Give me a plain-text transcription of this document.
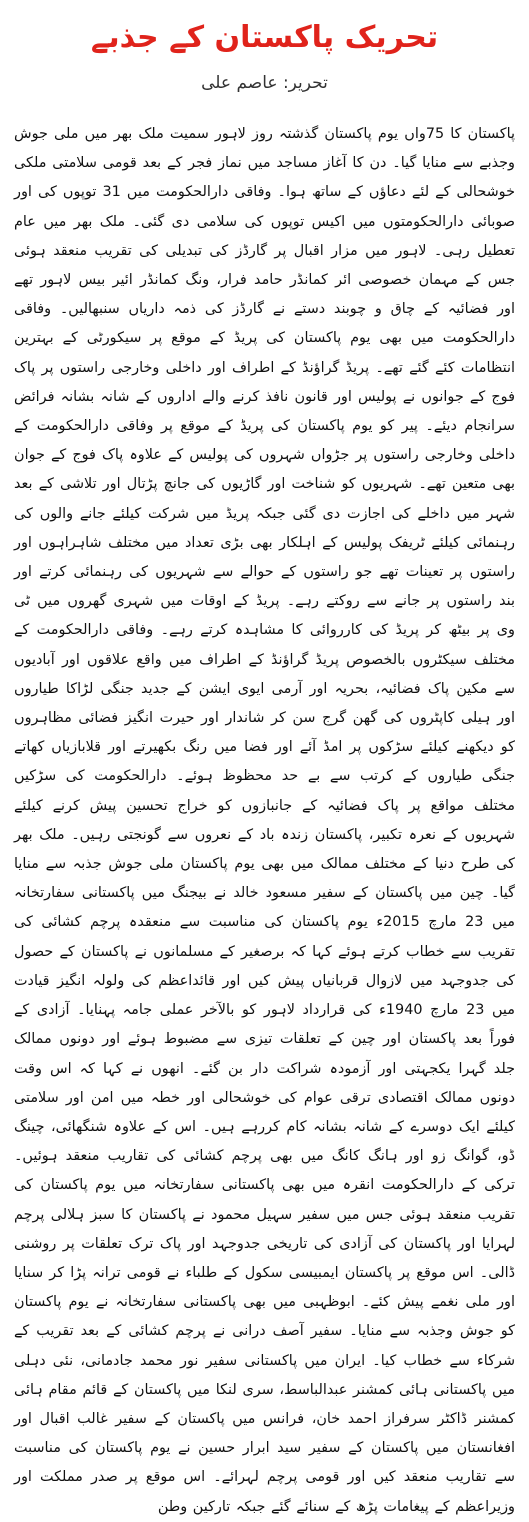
تحریک پاکستان کے جذبے
تحریر: عاصم علی

پاکستان کا 75واں یوم پاکستان گذشتہ روز لاہور سمیت ملک بھر میں ملی جوش وجذبے سے منایا گیا۔ دن کا آغاز مساجد میں نماز فجر کے بعد قومی سلامتی ملکی خوشحالی کے لئے دعاؤں کے ساتھ ہوا۔ وفاقی دارالحکومت میں 31 توپوں کی اور صوبائی دارالحکومتوں میں اکیس توپوں کی سلامی دی گئی۔ ملک بھر میں عام تعطیل رہی۔ لاہور میں مزار اقبال پر گارڈز کی تبدیلی کی تقریب منعقد ہوئی جس کے مہمان خصوصی ائر کمانڈر حامد فرار، ونگ کمانڈر ائیر بیس لاہور تھے اور فضائیہ کے چاق و چوبند دستے نے گارڈز کی ذمہ داریاں سنبھالیں۔ وفاقی دارالحکومت میں بھی یوم پاکستان کی پریڈ کے موقع پر سیکورٹی کے بہترین انتظامات کئے گئے تھے۔ پریڈ گراؤنڈ کے اطراف اور داخلی وخارجی راستوں پر پاک فوج کے جوانوں نے پولیس اور قانون نافذ کرنے والے اداروں کے شانہ بشانہ فرائض سرانجام دیئے۔ پیر کو یوم پاکستان کی پریڈ کے موقع پر وفاقی دارالحکومت کے داخلی وخارجی راستوں پر جڑواں شہروں کی پولیس کے علاوہ پاک فوج کے جوان بھی متعین تھے۔ شہریوں کو شناخت اور گاڑیوں کی جانچ پڑتال اور تلاشی کے بعد شہر میں داخلے کی اجازت دی گئی جبکہ پریڈ میں شرکت کیلئے جانے والوں کی رہنمائی کیلئے ٹریفک پولیس کے اہلکار بھی بڑی تعداد میں مختلف شاہراہوں اور راستوں پر تعینات تھے جو راستوں کے حوالے سے شہریوں کی رہنمائی کرتے اور بند راستوں پر جانے سے روکتے رہے۔ پریڈ کے اوقات میں شہری گھروں میں ٹی وی پر بیٹھ کر پریڈ کی کارروائی کا مشاہدہ کرتے رہے۔ وفاقی دارالحکومت کے مختلف سیکٹروں بالخصوص پریڈ گراؤنڈ کے اطراف میں واقع علاقوں اور آبادیوں سے مکین پاک فضائیہ، بحریہ اور آرمی ایوی ایشن کے جدید جنگی لڑاکا طیاروں اور ہیلی کاپٹروں کی گھن گرج سن کر شاندار اور حیرت انگیز فضائی مظاہروں کو دیکھنے کیلئے سڑکوں پر امڈ آئے اور فضا میں رنگ بکھیرتے اور قلابازیاں کھاتے جنگی طیاروں کے کرتب سے بے حد محظوظ ہوئے۔ دارالحکومت کی سڑکیں مختلف مواقع پر پاک فضائیہ کے جانبازوں کو خراج تحسین پیش کرنے کیلئے شہریوں کے نعرہ تکبیر، پاکستان زندہ باد کے نعروں سے گونجتی رہیں۔ ملک بھر کی طرح دنیا کے مختلف ممالک میں بھی یوم پاکستان ملی جوش جذبہ سے منایا گیا۔ چین میں پاکستان کے سفیر مسعود خالد نے بیجنگ میں پاکستانی سفارتخانہ میں 23 مارچ 2015ء یوم پاکستان کی مناسبت سے منعقدہ پرچم کشائی کی تقریب سے خطاب کرتے ہوئے کہا کہ برصغیر کے مسلمانوں نے پاکستان کے حصول کی جدوجہد میں لازوال قربانیاں پیش کیں اور قائداعظم کی ولولہ انگیز قیادت میں 23 مارچ 1940ء کی قرارداد لاہور کو بالآخر عملی جامہ پہنایا۔ آزادی کے فوراً بعد پاکستان اور چین کے تعلقات تیزی سے مضبوط ہوئے اور دونوں ممالک جلد گہرا یکجہتی اور آزمودہ شراکت دار بن گئے۔ انھوں نے کہا کہ اس وقت دونوں ممالک اقتصادی ترقی عوام کی خوشحالی اور خطہ میں امن اور سلامتی کیلئے ایک دوسرے کے شانہ بشانہ کام کررہے ہیں۔ اس کے علاوہ شنگھائی، چینگ ڈو، گوانگ زو اور ہانگ کانگ میں بھی پرچم کشائی کی تقاریب منعقد ہوئیں۔ ترکی کے دارالحکومت انقرہ میں بھی پاکستانی سفارتخانہ میں یوم پاکستان کی تقریب منعقد ہوئی جس میں سفیر سہیل محمود نے پاکستان کا سبز ہلالی پرچم لہرایا اور پاکستان کی آزادی کی تاریخی جدوجہد اور پاک ترک تعلقات پر روشنی ڈالی۔ اس موقع پر پاکستان ایمبیسی سکول کے طلباء نے قومی ترانہ پڑا کر سنایا اور ملی نغمے پیش کئے۔ ابوظہبی میں بھی پاکستانی سفارتخانہ نے یوم پاکستان کو جوش وجذبہ سے منایا۔ سفیر آصف درانی نے پرچم کشائی کے بعد تقریب کے شرکاء سے خطاب کیا۔ ایران میں پاکستانی سفیر نور محمد جادمانی، نئی دہلی میں پاکستانی ہائی کمشنر عبدالباسط، سری لنکا میں پاکستان کے قائم مقام ہائی کمشنر ڈاکٹر سرفراز احمد خان، فرانس میں پاکستان کے سفیر غالب اقبال اور افغانستان میں پاکستان کے سفیر سید ابرار حسین نے یوم پاکستان کی مناسبت سے تقاریب منعقد کیں اور قومی پرچم لہرائے۔ اس موقع پر صدر مملکت اور وزیراعظم کے پیغامات پڑھ کے سنائے گئے جبکہ تارکین وطن
